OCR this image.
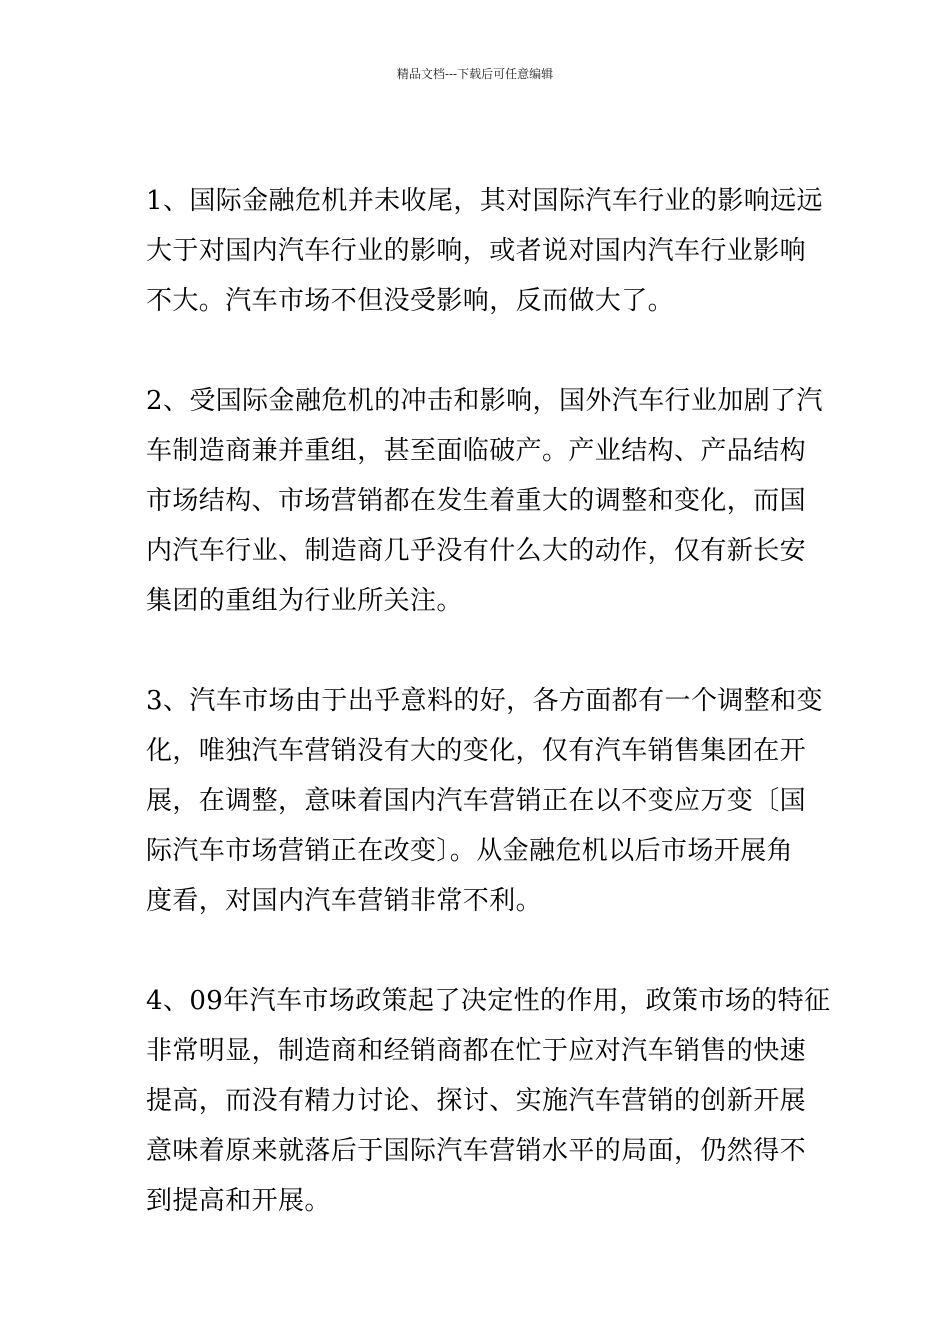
精品文档---下载后可任意编辑

1、国际金融危机并未收尾，其对国际汽车行业的影响远远
大于对国内汽车行业的影响，或者说对国内汽车行业影响
不大。汽车市场不但没受影响，反而做大了。

2、受国际金融危机的冲击和影响，国外汽车行业加剧了汽
车制造商兼并重组，甚至面临破产。产业结构、产品结构
市场结构、市场营销都在发生着重大的调整和变化，而国
内汽车行业、制造商几乎没有什么大的动作，仅有新长安
集团的重组为行业所关注。

3、汽车市场由于出乎意料的好，各方面都有一个调整和变
化，唯独汽车营销没有大的变化，仅有汽车销售集团在开
展，在调整，意味着国内汽车营销正在以不变应万变〔国
际汽车市场营销正在改变〕。从金融危机以后市场开展角
度看，对国内汽车营销非常不利。

4、09年汽车市场政策起了决定性的作用，政策市场的特征
非常明显，制造商和经销商都在忙于应对汽车销售的快速
提高，而没有精力讨论、探讨、实施汽车营销的创新开展
意味着原来就落后于国际汽车营销水平的局面，仍然得不
到提高和开展。
